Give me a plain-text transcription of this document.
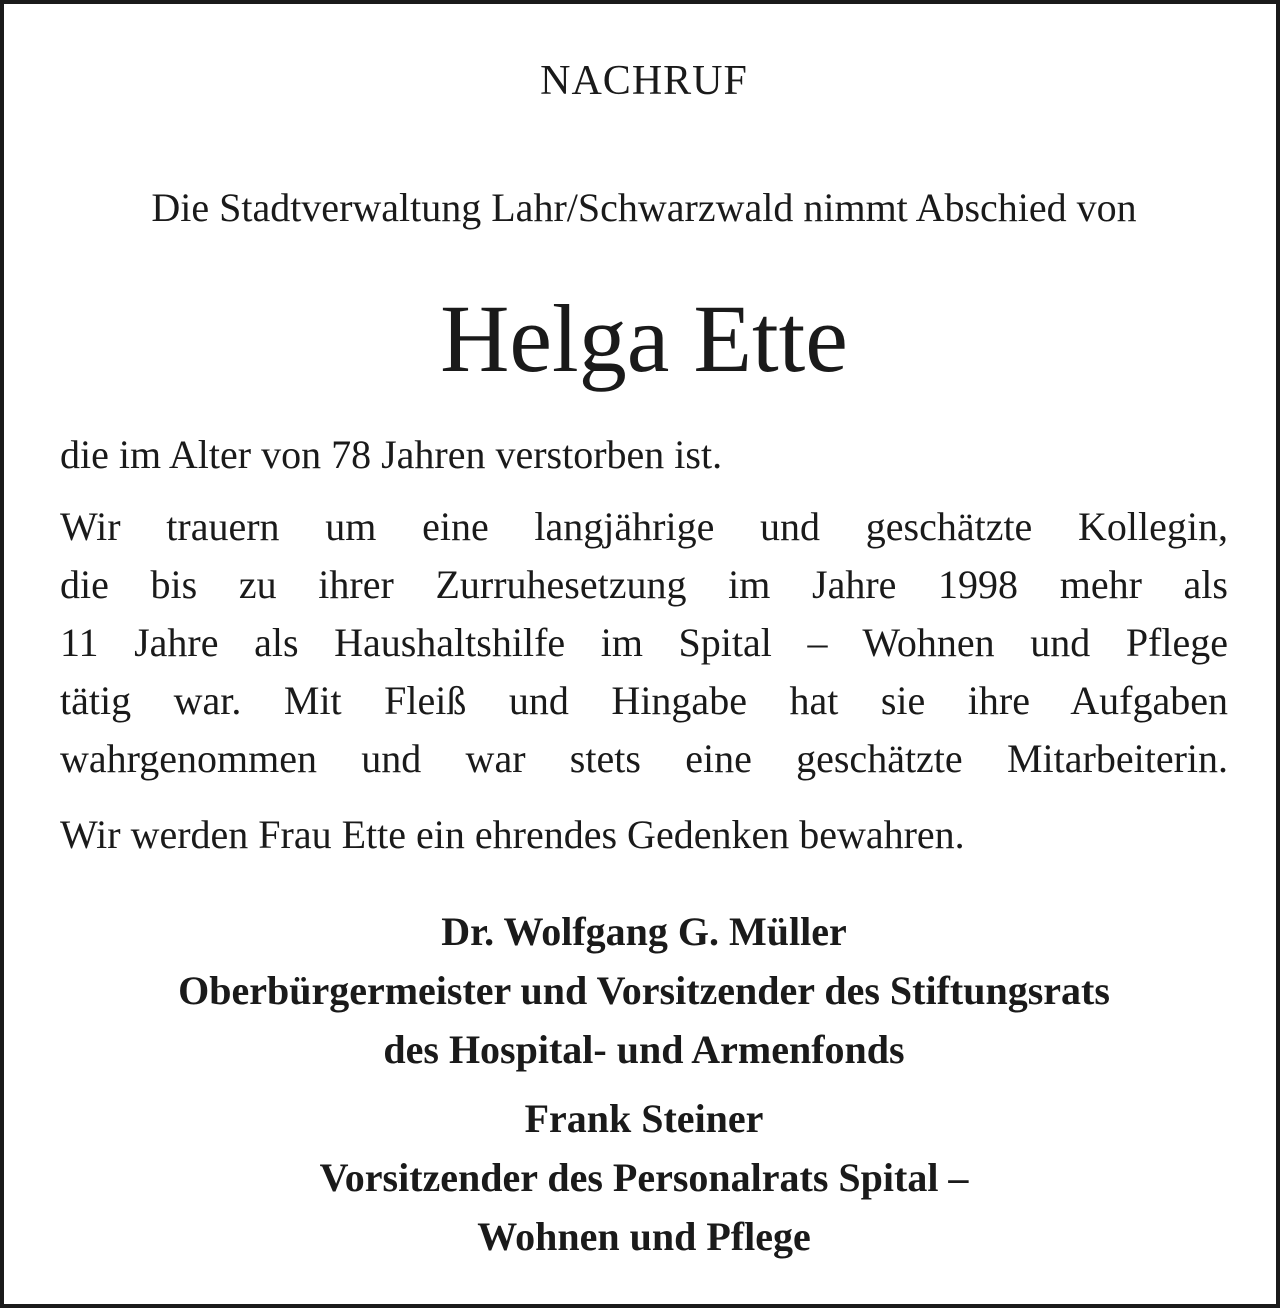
NACHRUF
Die Stadtverwaltung Lahr/Schwarzwald nimmt Abschied von
Helga Ette
die im Alter von 78 Jahren verstorben ist.
Wir trauern um eine langjährige und geschätzte Kollegin,
die bis zu ihrer Zurruhesetzung im Jahre 1998 mehr als
11 Jahre als Haushaltshilfe im Spital – Wohnen und Pflege
tätig war. Mit Fleiß und Hingabe hat sie ihre Aufgaben
wahrgenommen und war stets eine geschätzte Mitarbeiterin.
Wir werden Frau Ette ein ehrendes Gedenken bewahren.
Dr. Wolfgang G. Müller
Oberbürgermeister und Vorsitzender des Stiftungsrats
des Hospital- und Armenfonds
Frank Steiner
Vorsitzender des Personalrats Spital –
Wohnen und Pflege
